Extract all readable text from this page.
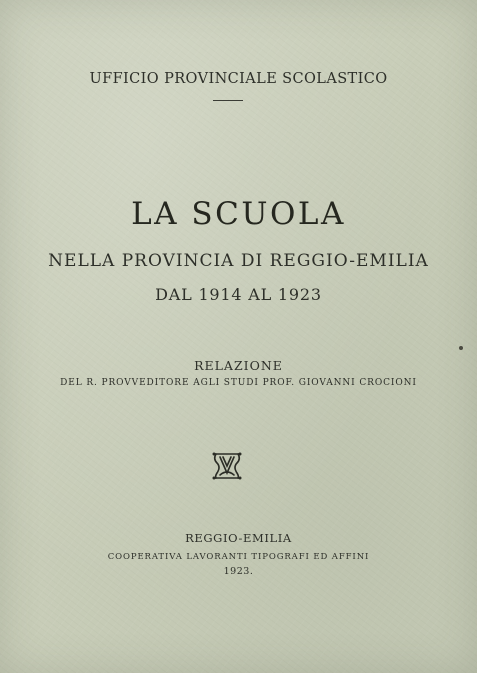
UFFICIO PROVINCIALE SCOLASTICO
LA SCUOLA
NELLA PROVINCIA DI REGGIO-EMILIA
DAL 1914 AL 1923
RELAZIONE
DEL R. PROVVEDITORE AGLI STUDI PROF. GIOVANNI CROCIONI
REGGIO-EMILIA
COOPERATIVA LAVORANTI TIPOGRAFI ED AFFINI
1923.
